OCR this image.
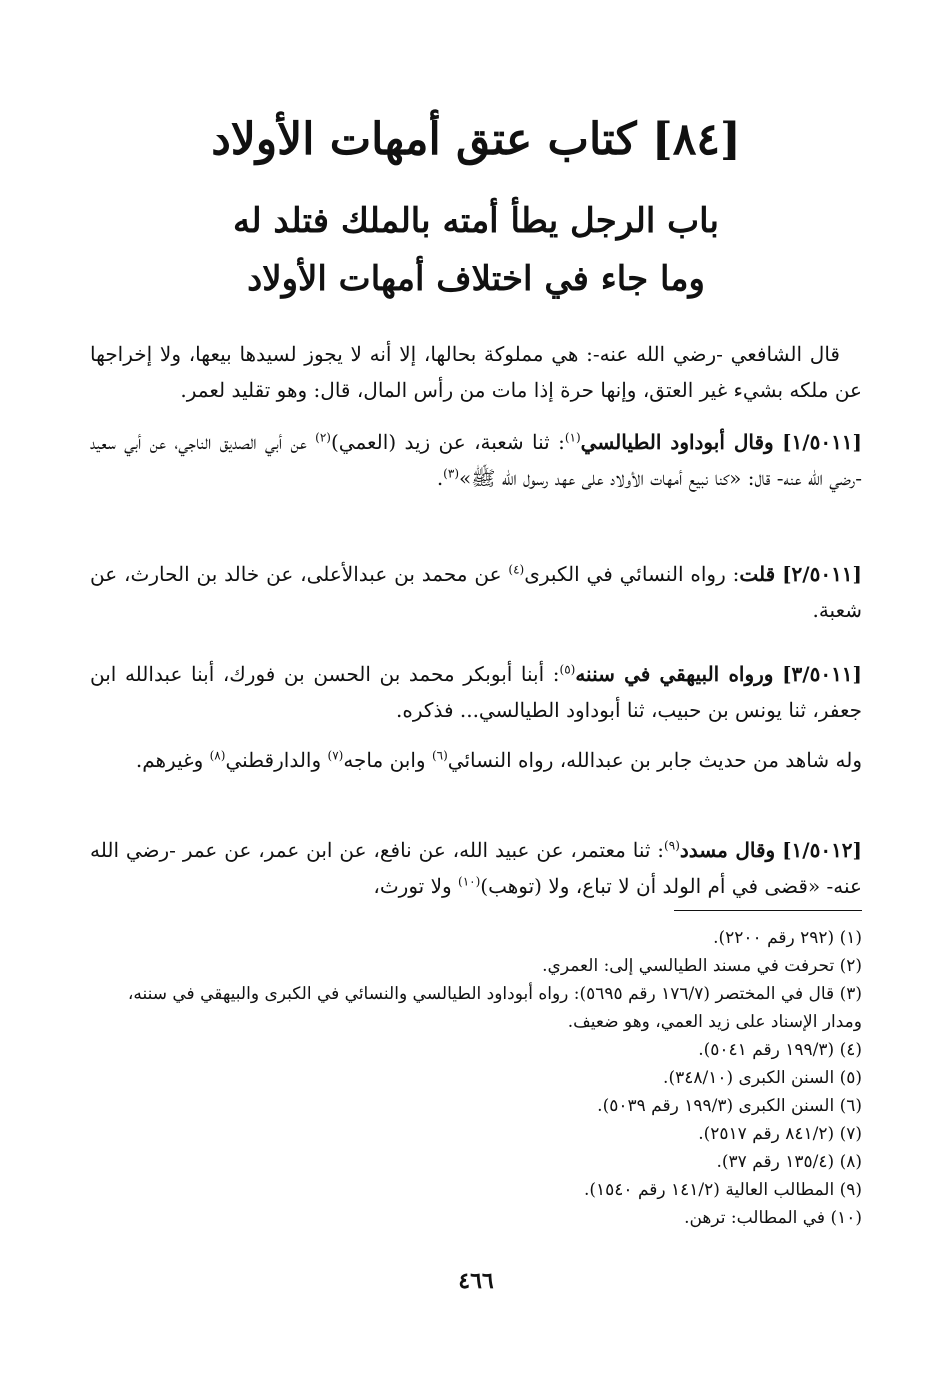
[٨٤] كتاب عتق أمهات الأولاد
باب الرجل يطأ أمته بالملك فتلد له
وما جاء في اختلاف أمهات الأولاد

قال الشافعي -رضي الله عنه-: هي مملوكة بحالها، إلا أنه لا يجوز لسيدها بيعها، ولا إخراجها عن ملكه بشيء غير العتق، وإنها حرة إذا مات من رأس المال، قال: وهو تقليد لعمر.

[١/٥٠١١] وقال أبوداود الطيالسي$^{(١)}$: ثنا شعبة، عن زيد (العمي)$^{(٢)}$ عن أبي الصديق الناجي، عن أبي سعيد -رضي الله عنه- قال: «كنا نبيع أمهات الأولاد على عهد رسول الله ﷺ»$^{(٣)}$.

[٢/٥٠١١] قلت: رواه النسائي في الكبرى$^{(٤)}$ عن محمد بن عبدالأعلى، عن خالد بن الحارث، عن شعبة.

[٣/٥٠١١] ورواه البيهقي في سننه$^{(٥)}$: أبنا أبوبكر محمد بن الحسن بن فورك، أبنا عبدالله ابن جعفر، ثنا يونس بن حبيب، ثنا أبوداود الطيالسي... فذكره.

وله شاهد من حديث جابر بن عبدالله، رواه النسائي$^{(٦)}$ وابن ماجه$^{(٧)}$ والدارقطني$^{(٨)}$ وغيرهم.

[١/٥٠١٢] وقال مسدد$^{(٩)}$: ثنا معتمر، عن عبيد الله، عن نافع، عن ابن عمر، عن عمر -رضي الله عنه- «قضى في أم الولد أن لا تباع، ولا (توهب)$^{(١٠)}$ ولا تورث،

(١) (٢٩٢ رقم ٢٢٠٠).
(٢) تحرفت في مسند الطيالسي إلى: العمري.
(٣) قال في المختصر (١٧٦/٧ رقم ٥٦٩٥): رواه أبوداود الطيالسي والنسائي في الكبرى والبيهقي في سننه، ومدار الإسناد على زيد العمي، وهو ضعيف.
(٤) (١٩٩/٣ رقم ٥٠٤١).
(٥) السنن الكبرى (٣٤٨/١٠).
(٦) السنن الكبرى (١٩٩/٣ رقم ٥٠٣٩).
(٧) (٨٤١/٢ رقم ٢٥١٧).
(٨) (١٣٥/٤ رقم ٣٧).
(٩) المطالب العالية (١٤١/٢ رقم ١٥٤٠).
(١٠) في المطالب: ترهن.
٤٦٦
